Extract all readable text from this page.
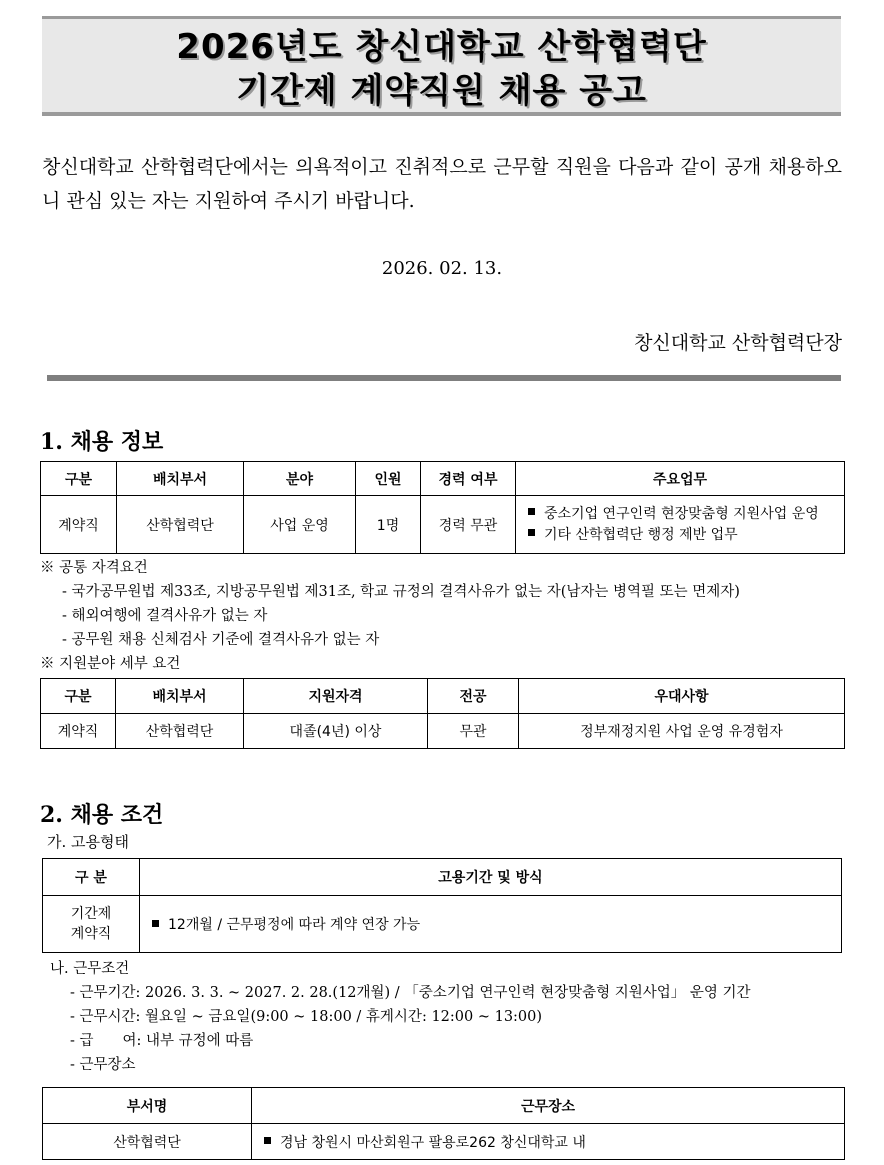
2026년도 창신대학교 산학협력단
기간제 계약직원 채용 공고

창신대학교 산학협력단에서는 의욕적이고 진취적으로 근무할 직원을 다음과 같이 공개 채용하오니 관심 있는 자는 지원하여 주시기 바랍니다.

2026. 02. 13.
창신대학교 산학협력단장
1. 채용 정보
구분	배치부서	분야	인원	경력 여부	주요업무
계약직	산학협력단	사업 운영	1명	경력 무관	중소기업 연구인력 현장맞춤형 지원사업 운영
기타 산학협력단 행정 제반 업무
※ 공통 자격요건
- 국가공무원법 제33조, 지방공무원법 제31조, 학교 규정의 결격사유가 없는 자(남자는 병역필 또는 면제자)
- 해외여행에 결격사유가 없는 자
- 공무원 채용 신체검사 기준에 결격사유가 없는 자
※ 지원분야 세부 요건
구분	배치부서	지원자격	전공	우대사항
계약직	산학협력단	대졸(4년) 이상	무관	정부재정지원 사업 운영 유경험자
2. 채용 조건
가. 고용형태
구 분	고용기간 및 방식

기간제
계약직	12개월 / 근무평정에 따라 계약 연장 가능
나. 근무조건
- 근무기간: 2026. 3. 3. ~ 2027. 2. 28.(12개월) / 「중소기업 연구인력 현장맞춤형 지원사업」 운영 기간
- 근무시간: 월요일 ~ 금요일(9:00 ~ 18:00 / 휴게시간: 12:00 ~ 13:00)
- 급　　여: 내부 규정에 따름
- 근무장소
부서명	근무장소
산학협력단	경남 창원시 마산회원구 팔용로262 창신대학교 내
